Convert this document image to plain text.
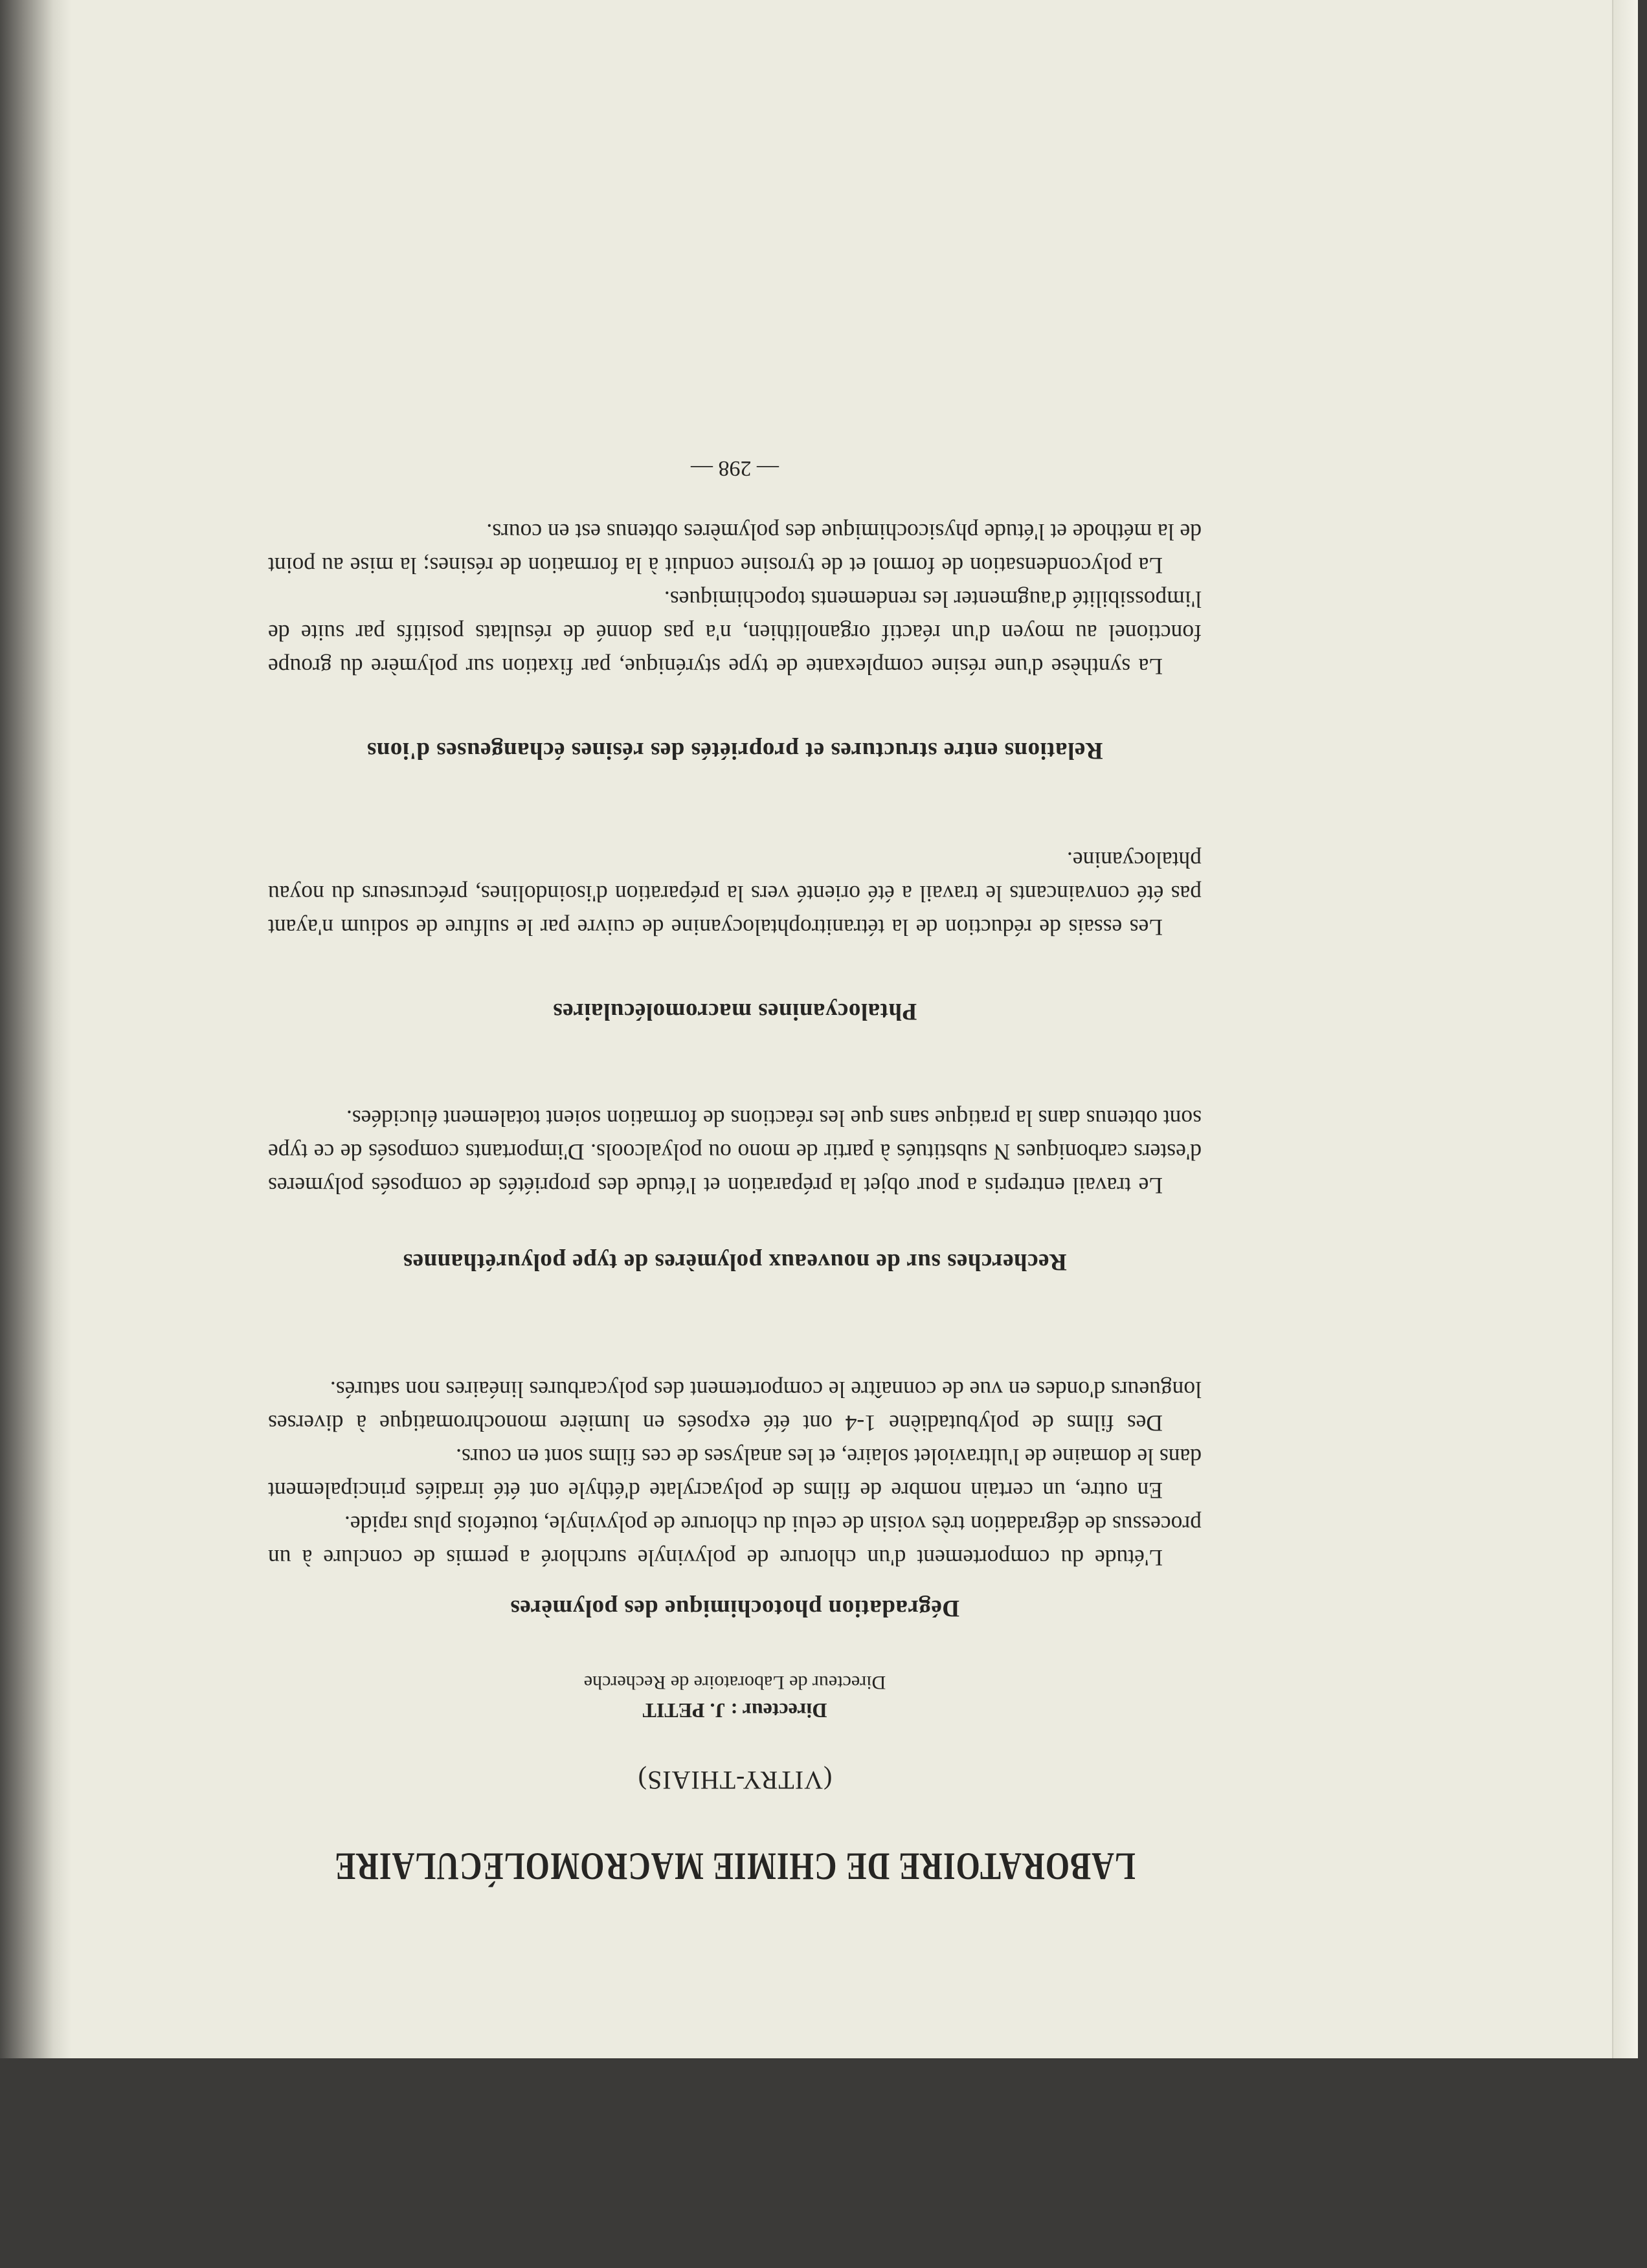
LABORATOIRE DE CHIMIE MACROMOLÉCULAIRE
(VITRY-THIAIS)
Directeur : J. PETIT
Directeur de Laboratoire de Recherche
Dégradation photochimique des polymères

L'étude du comportement d'un chlorure de polyvinyle surchloré a permis de conclure à un processus de dégradation très voisin de celui du chlorure de polyvinyle, toutefois plus rapide.

En outre, un certain nombre de films de polyacrylate d'éthyle ont été irradiés principalement dans le domaine de l'ultraviolet solaire, et les analyses de ces films sont en cours.

Des films de polybutadiène 1-4 ont été exposés en lumière monochromatique à diverses longueurs d'ondes en vue de connaître le comportement des polycarbures linéaires non saturés.

Recherches sur de nouveaux polymères de type polyuréthannes

Le travail entrepris a pour objet la préparation et l'étude des propriétés de composés polymeres d'esters carboniques N substitués à partir de mono ou polyalcools. D'importants composés de ce type sont obtenus dans la pratique sans que les réactions de formation soient totalement élucidées.

Phtalocyanines macromoléculaires

Les essais de réduction de la tétranitrophtalocyanine de cuivre par le sulfure de sodium n'ayant pas été convaincants le travail a été orienté vers la préparation d'isoindolines, précurseurs du noyau phtalocyanine.

Relations entre structures et propriétés des résines échangeuses d'ions

La synthèse d'une résine complexante de type styrénique, par fixation sur polymère du groupe fonctionel au moyen d'un réactif organolithien, n'a pas donné de résultats positifs par suite de l'impossibilité d'augmenter les rendements topochimiques.

La polycondensation de formol et de tyrosine conduit à la formation de résines; la mise au point de la méthode et l'étude physicochimique des polymères obtenus est en cours.

— 298 —
